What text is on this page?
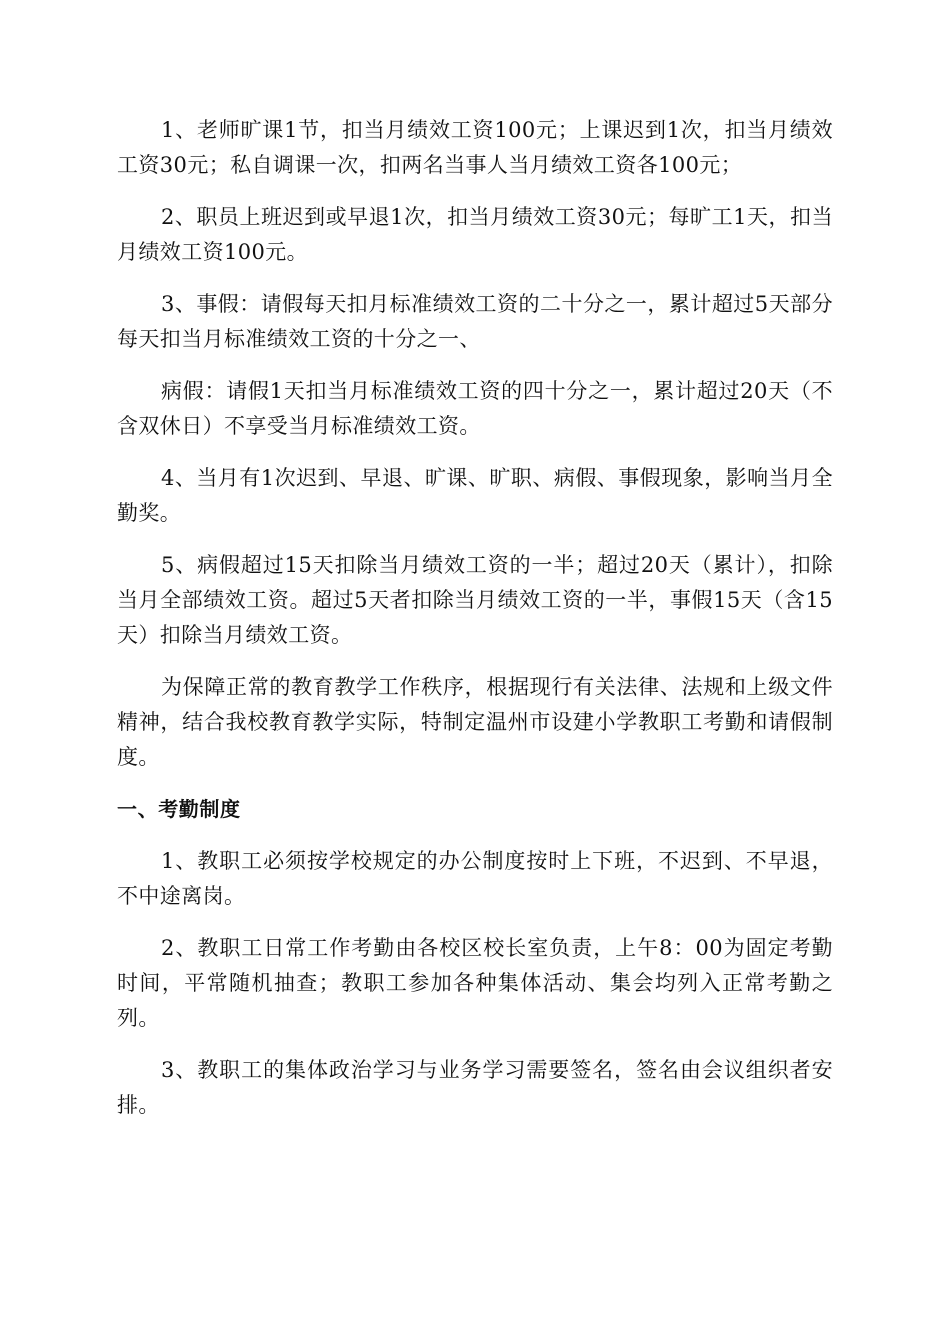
1、老师旷课1节，扣当月绩效工资100元；上课迟到1次，扣当月绩效工资30元；私自调课一次，扣两名当事人当月绩效工资各100元；

2、职员上班迟到或早退1次，扣当月绩效工资30元；每旷工1天，扣当月绩效工资100元。

3、事假：请假每天扣月标准绩效工资的二十分之一，累计超过5天部分每天扣当月标准绩效工资的十分之一、

病假：请假1天扣当月标准绩效工资的四十分之一，累计超过20天（不含双休日）不享受当月标准绩效工资。

4、当月有1次迟到、早退、旷课、旷职、病假、事假现象，影响当月全勤奖。

5、病假超过15天扣除当月绩效工资的一半；超过20天（累计），扣除当月全部绩效工资。超过5天者扣除当月绩效工资的一半，事假15天（含15天）扣除当月绩效工资。

为保障正常的教育教学工作秩序，根据现行有关法律、法规和上级文件精神，结合我校教育教学实际，特制定温州市设建小学教职工考勤和请假制度。

一、考勤制度

1、教职工必须按学校规定的办公制度按时上下班，不迟到、不早退，不中途离岗。

2、教职工日常工作考勤由各校区校长室负责，上午8：00为固定考勤时间，平常随机抽查；教职工参加各种集体活动、集会均列入正常考勤之列。

3、教职工的集体政治学习与业务学习需要签名，签名由会议组织者安排。
